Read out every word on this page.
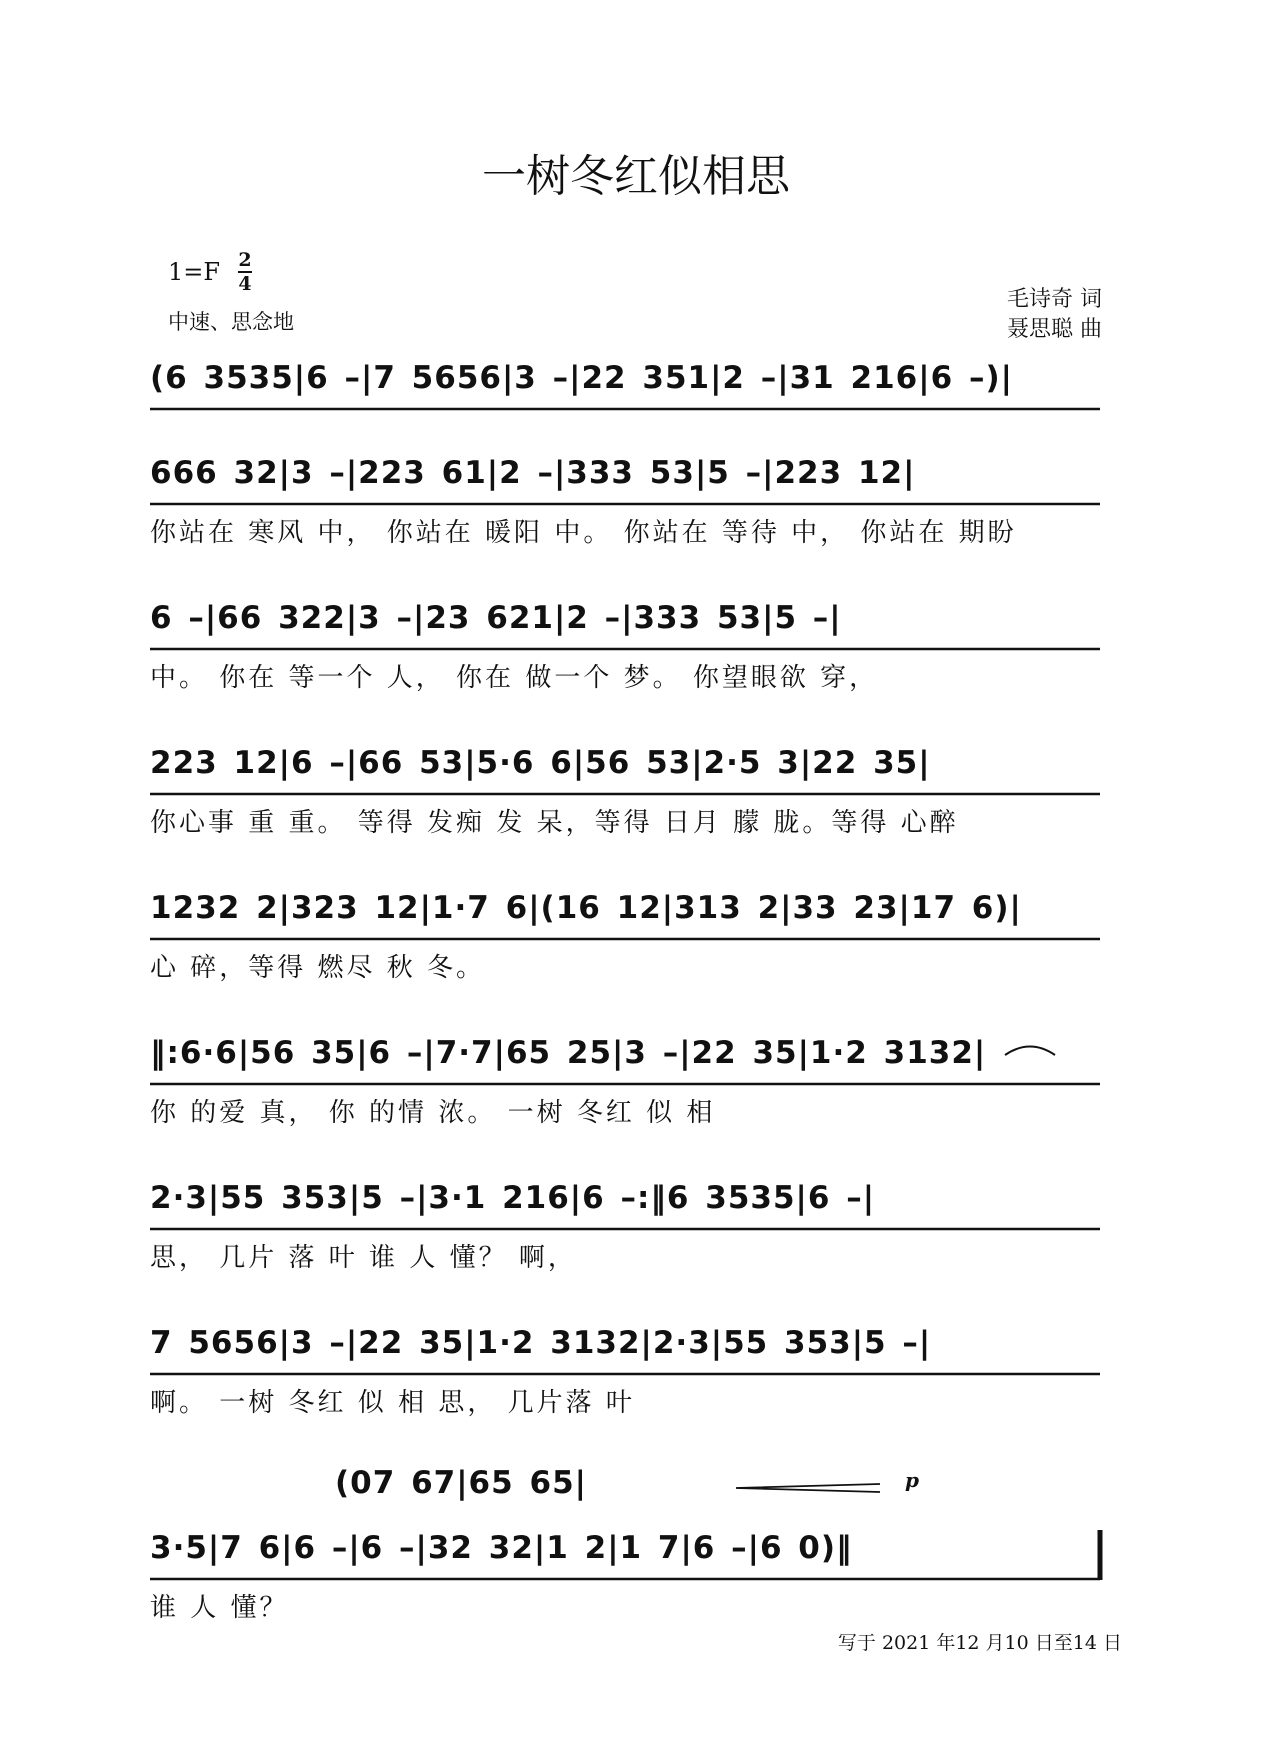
一树冬红似相思
1=F 2
4
中速、思念地
毛诗奇 词
聂思聪 曲
(6 3535|6 –|7 5656|3 –|22 351|2 –|31 216|6 –)|
666 32|3 –|223 61|2 –|333 53|5 –|223 12|
你站在 寒风 中， 你站在 暖阳 中。 你站在 等待 中， 你站在 期盼
6 –|66 322|3 –|23 621|2 –|333 53|5 –|
中。 你在 等一个 人， 你在 做一个 梦。 你望眼欲 穿，
223 12|6 –|66 53|5·6 6|56 53|2·5 3|22 35|
你心事 重 重。 等得 发痴 发 呆，等得 日月 朦 胧。等得 心醉
1232 2|323 12|1·7 6|(16 12|313 2|33 23|17 6)|
心 碎，等得 燃尽 秋 冬。
‖:6·6|56 35|6 –|7·7|65 25|3 –|22 35|1·2 3132|
你 的爱 真， 你 的情 浓。 一树 冬红 似 相
2·3|55 353|5 –|3·1 216|6 –:‖6 3535|6 –|
思， 几片 落 叶 谁 人 懂？ 啊，
7 5656|3 –|22 35|1·2 3132|2·3|55 353|5 –|
啊。 一树 冬红 似 相 思， 几片落 叶
(07 67|65 65|	p
3·5|7 6|6 –|6 –|32 32|1 2|1 7|6 –|6 0)‖
谁 人 懂？
写于 2021 年12 月10 日至14 日
